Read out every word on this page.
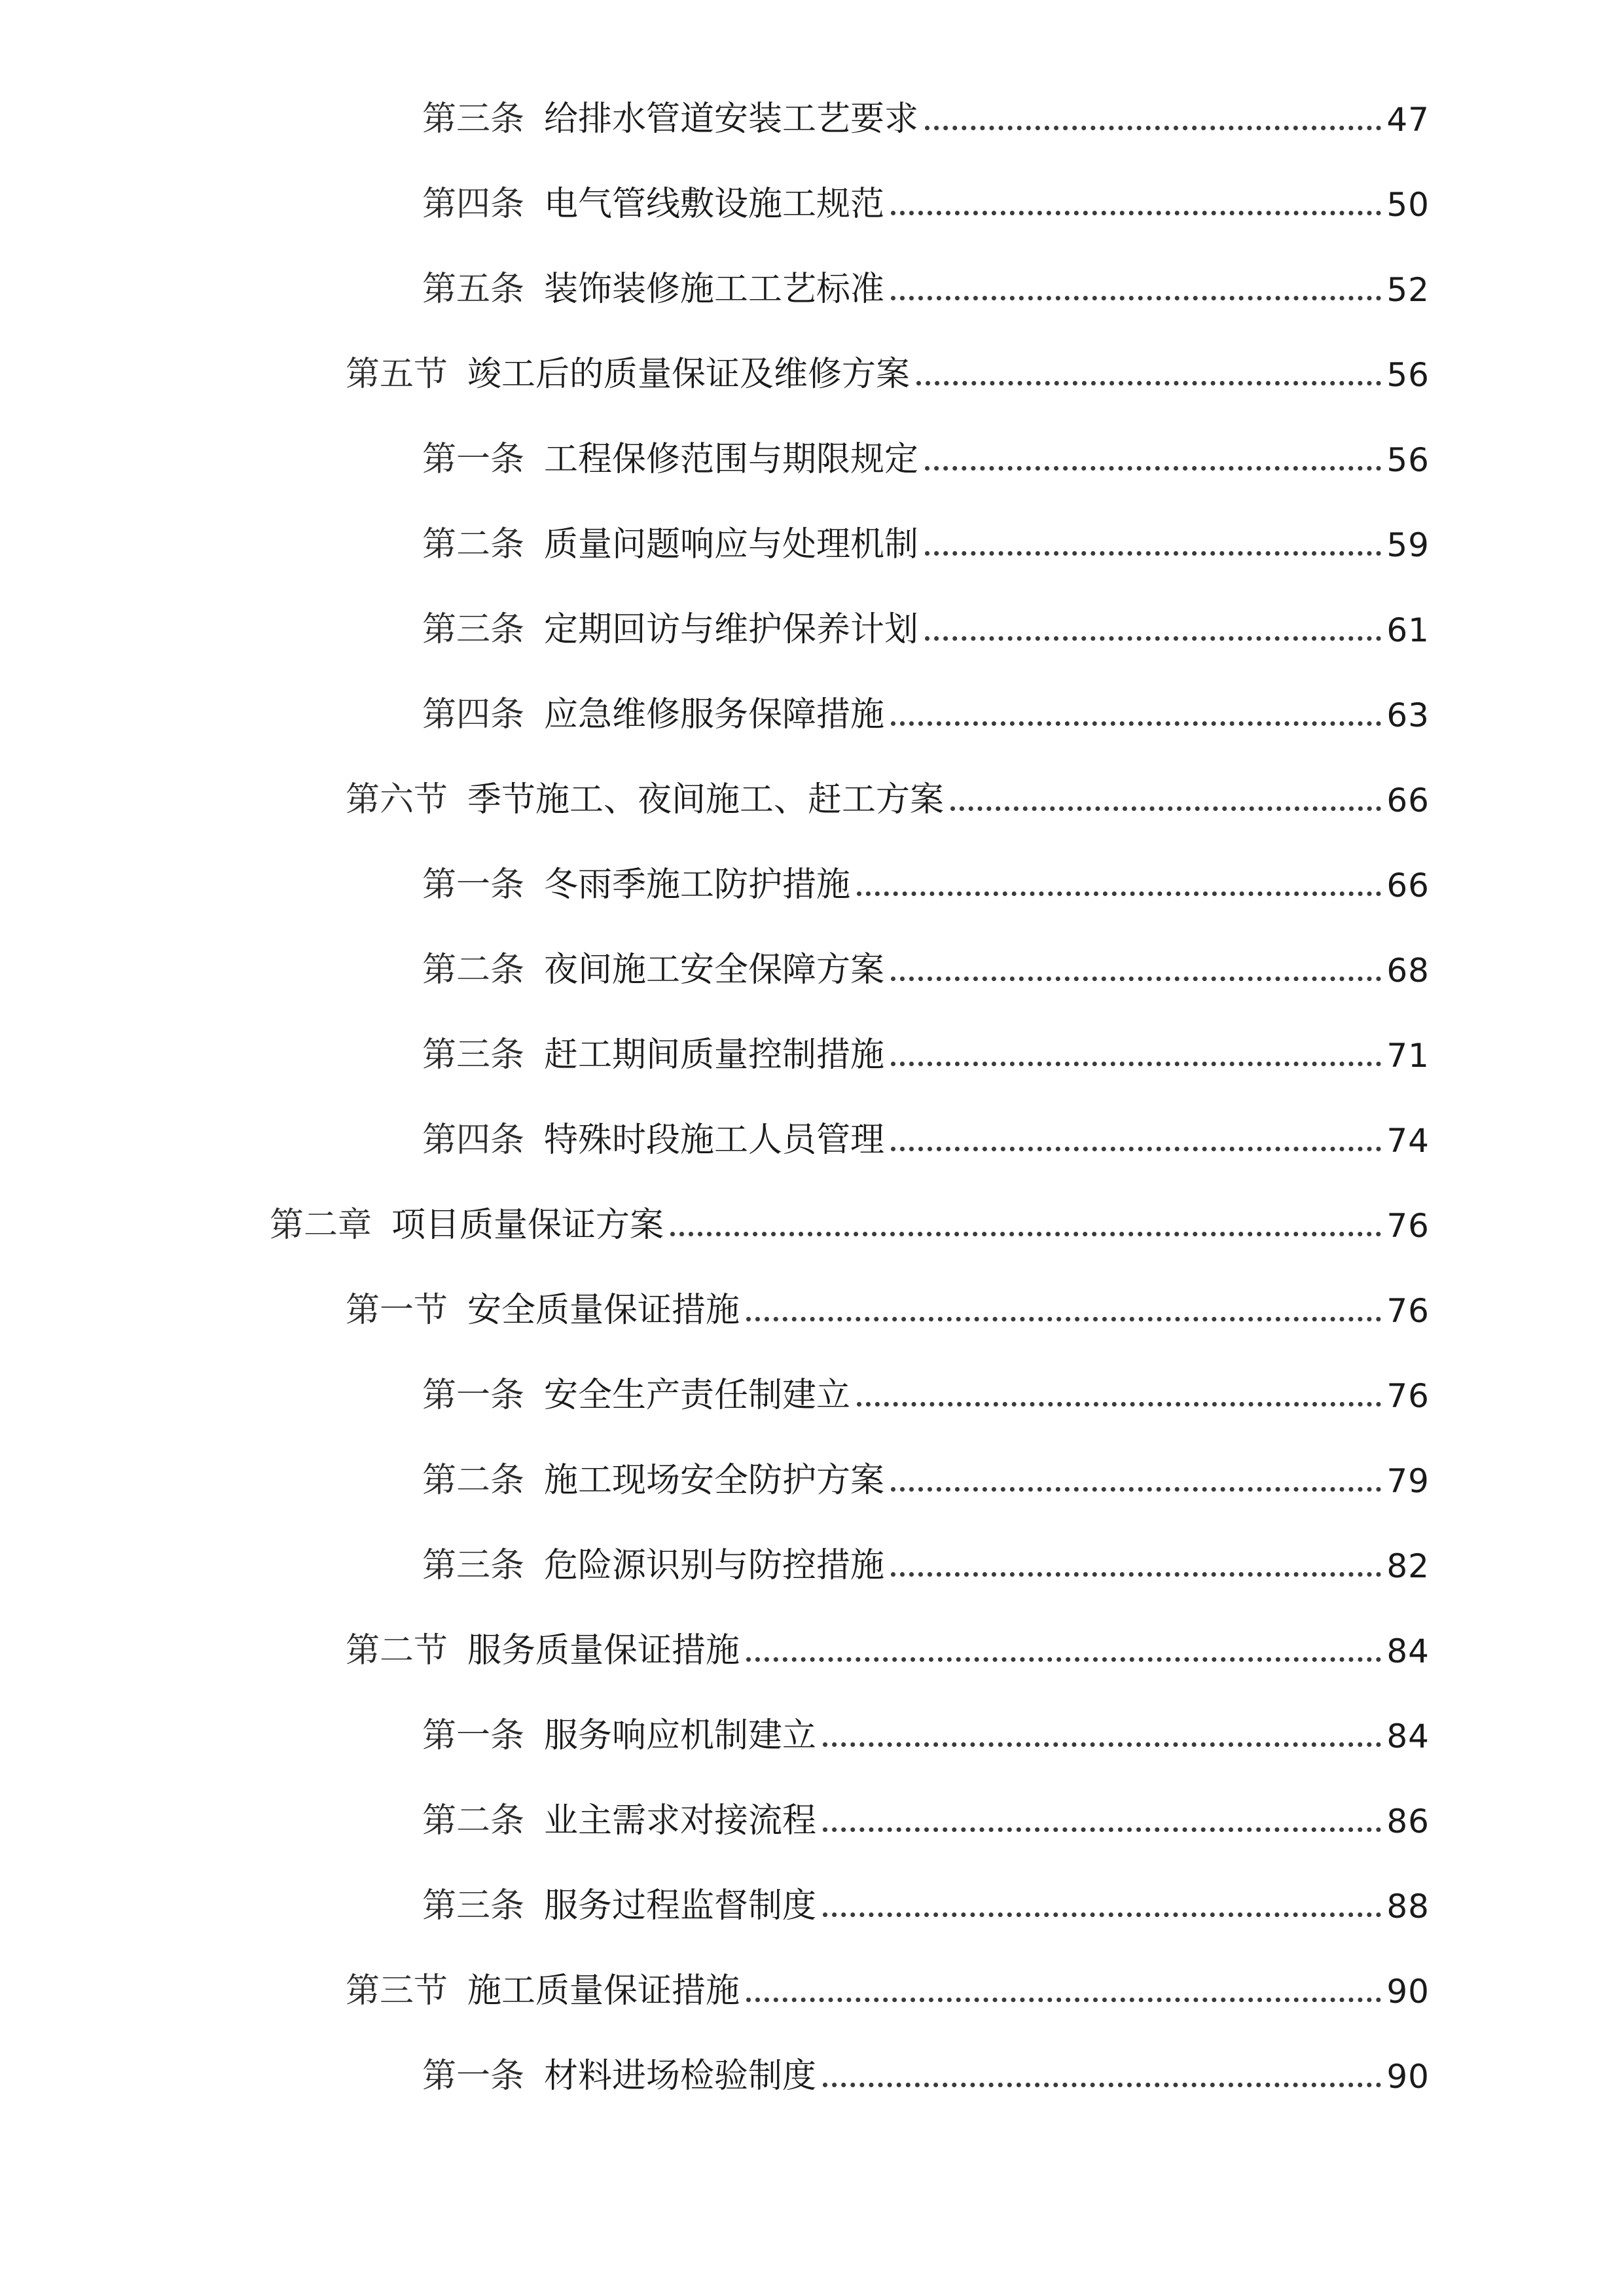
第三条 给排水管道安装工艺要求	47
第四条 电气管线敷设施工规范	50
第五条 装饰装修施工工艺标准	52
第五节 竣工后的质量保证及维修方案	56
第一条 工程保修范围与期限规定	56
第二条 质量问题响应与处理机制	59
第三条 定期回访与维护保养计划	61
第四条 应急维修服务保障措施	63
第六节 季节施工、夜间施工、赶工方案	66
第一条 冬雨季施工防护措施	66
第二条 夜间施工安全保障方案	68
第三条 赶工期间质量控制措施	71
第四条 特殊时段施工人员管理	74
第二章 项目质量保证方案	76
第一节 安全质量保证措施	76
第一条 安全生产责任制建立	76
第二条 施工现场安全防护方案	79
第三条 危险源识别与防控措施	82
第二节 服务质量保证措施	84
第一条 服务响应机制建立	84
第二条 业主需求对接流程	86
第三条 服务过程监督制度	88
第三节 施工质量保证措施	90
第一条 材料进场检验制度	90
